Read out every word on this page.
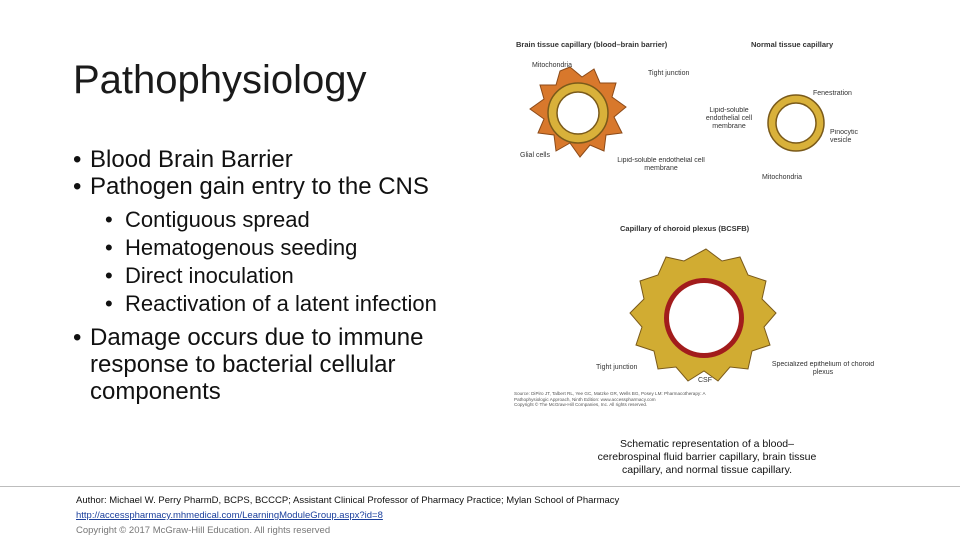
Pathophysiology
• Blood Brain Barrier
• Pathogen gain entry to the CNS
• Contiguous spread
• Hematogenous seeding
• Direct inoculation
• Reactivation of a latent infection
• Damage occurs due to immune response to bacterial cellular components
Brain tissue capillary (blood–brain barrier)	Normal tissue capillary
Mitochondria
Tight junction
Glial cells
Lipid-soluble endothelial cell membrane
Fenestration
Lipid-soluble endothelial cell membrane
Pinocytic vesicle
Mitochondria
Capillary of choroid plexus (BCSFB)
Tight junction
CSF
Specialized epithelium of choroid plexus
Source: DiPiro JT, Talbert RL, Yee GC, Matzke GR, Wells BG, Posey LM: Pharmacotherapy: A Pathophysiologic Approach, Ninth Edition: www.accesspharmacy.com
Copyright © The McGraw-Hill Companies, Inc. All rights reserved.
Schematic representation of a blood–cerebrospinal fluid barrier capillary, brain tissue capillary, and normal tissue capillary.
Author: Michael W. Perry PharmD, BCPS, BCCCP; Assistant Clinical Professor of Pharmacy Practice; Mylan School of Pharmacy
http://accesspharmacy.mhmedical.com/LearningModuleGroup.aspx?id=8
Copyright © 2017 McGraw-Hill Education. All rights reserved
